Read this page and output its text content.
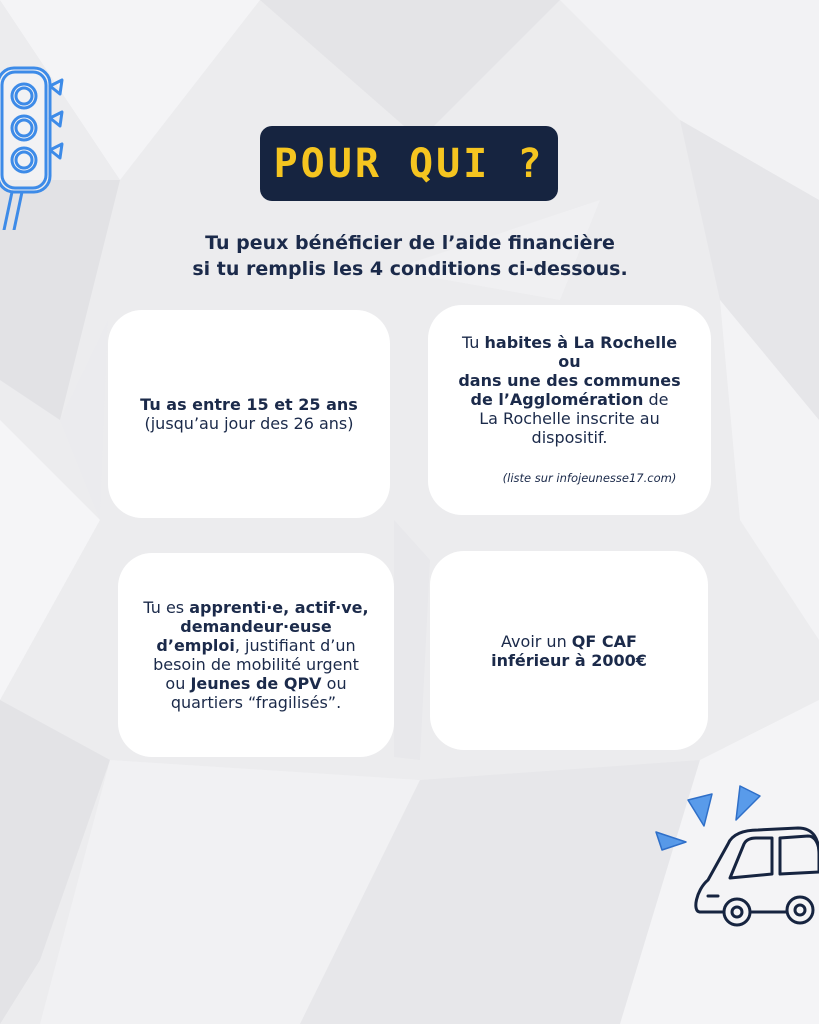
POUR QUI ?
Tu peux bénéficier de l’aide financière
si tu remplis les 4 conditions ci-dessous.
Tu as entre 15 et 25 ans
(jusqu’au jour des 26 ans)
Tu habites à La Rochelle ou
dans une des communes
de l’Agglomération de
La Rochelle inscrite au
dispositif.
(liste sur infojeunesse17.com)
Tu es apprenti·e, actif·ve,
demandeur·euse
d’emploi, justifiant d’un
besoin de mobilité urgent
ou Jeunes de QPV ou
quartiers “fragilisés”.
Avoir un QF CAF
inférieur à 2000€
